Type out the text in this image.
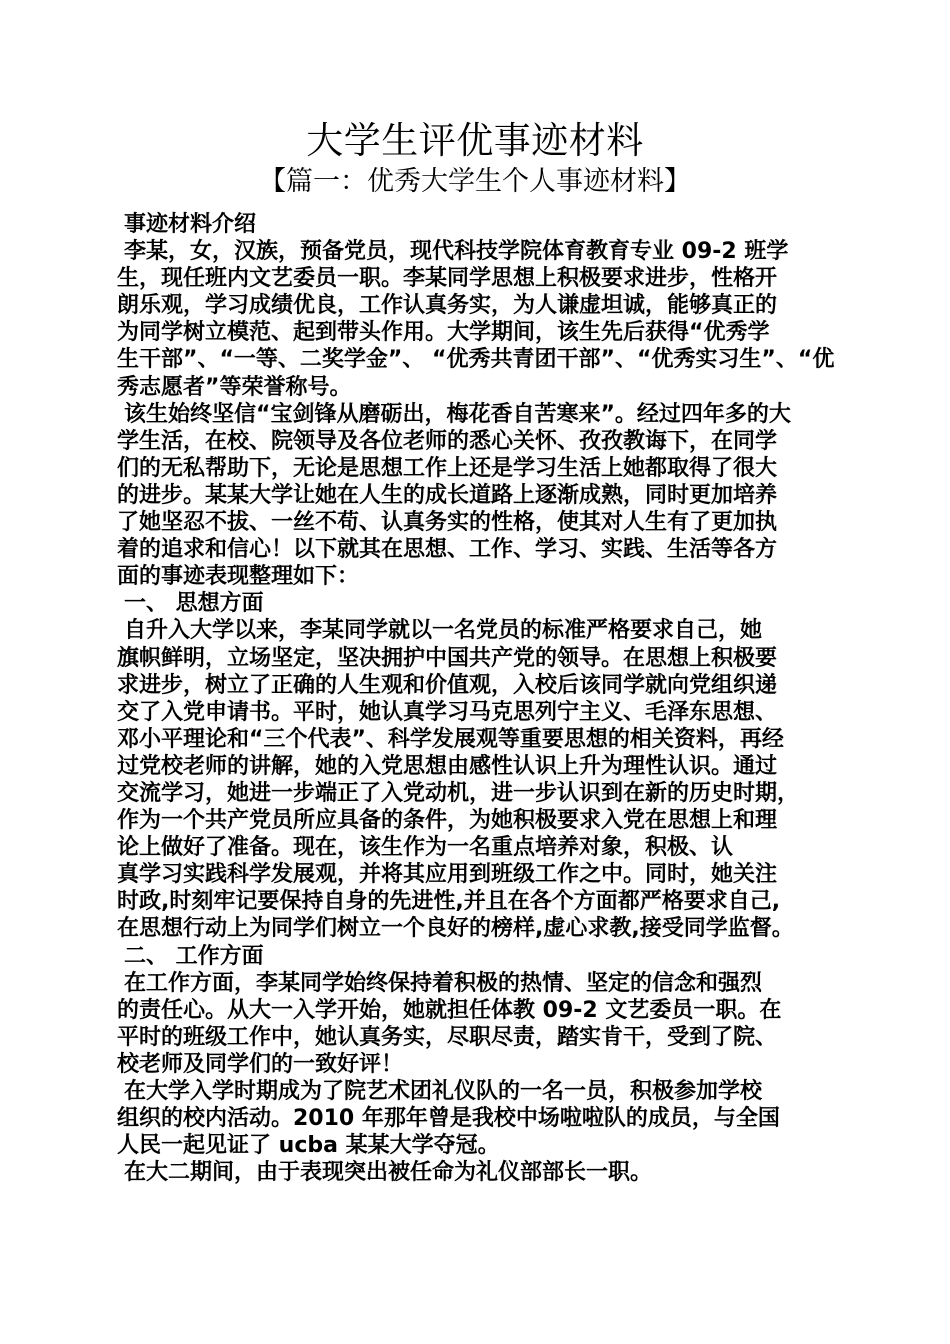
大学生评优事迹材料
【篇一：优秀大学生个人事迹材料】
事迹材料介绍
李某，女，汉族，预备党员，现代科技学院体育教育专业 09-2 班学
生，现任班内文艺委员一职。李某同学思想上积极要求进步，性格开
朗乐观，学习成绩优良，工作认真务实，为人谦虚坦诚，能够真正的
为同学树立模范、起到带头作用。大学期间，该生先后获得“优秀学
生干部”、“一等、二奖学金”、 “优秀共青团干部”、“优秀实习生”、“优
秀志愿者”等荣誉称号。
该生始终坚信“宝剑锋从磨砺出，梅花香自苦寒来”。经过四年多的大
学生活，在校、院领导及各位老师的悉心关怀、孜孜教诲下，在同学
们的无私帮助下，无论是思想工作上还是学习生活上她都取得了很大
的进步。某某大学让她在人生的成长道路上逐渐成熟，同时更加培养
了她坚忍不拔、一丝不苟、认真务实的性格，使其对人生有了更加执
着的追求和信心！以下就其在思想、工作、学习、实践、生活等各方
面的事迹表现整理如下：
一、 思想方面
自升入大学以来，李某同学就以一名党员的标准严格要求自己，她
旗帜鲜明，立场坚定，坚决拥护中国共产党的领导。在思想上积极要
求进步，树立了正确的人生观和价值观，入校后该同学就向党组织递
交了入党申请书。平时，她认真学习马克思列宁主义、毛泽东思想、
邓小平理论和“三个代表”、科学发展观等重要思想的相关资料，再经
过党校老师的讲解，她的入党思想由感性认识上升为理性认识。通过
交流学习，她进一步端正了入党动机，进一步认识到在新的历史时期，
作为一个共产党员所应具备的条件，为她积极要求入党在思想上和理
论上做好了准备。现在，该生作为一名重点培养对象，积极、认
真学习实践科学发展观，并将其应用到班级工作之中。同时，她关注
时政,时刻牢记要保持自身的先进性,并且在各个方面都严格要求自己,
在思想行动上为同学们树立一个良好的榜样,虚心求教,接受同学监督。
二、 工作方面
在工作方面，李某同学始终保持着积极的热情、坚定的信念和强烈
的责任心。从大一入学开始，她就担任体教 09-2 文艺委员一职。在
平时的班级工作中，她认真务实，尽职尽责，踏实肯干，受到了院、
校老师及同学们的一致好评！
在大学入学时期成为了院艺术团礼仪队的一名一员，积极参加学校
组织的校内活动。2010 年那年曾是我校中场啦啦队的成员，与全国
人民一起见证了 ucba 某某大学夺冠。
在大二期间，由于表现突出被任命为礼仪部部长一职。
